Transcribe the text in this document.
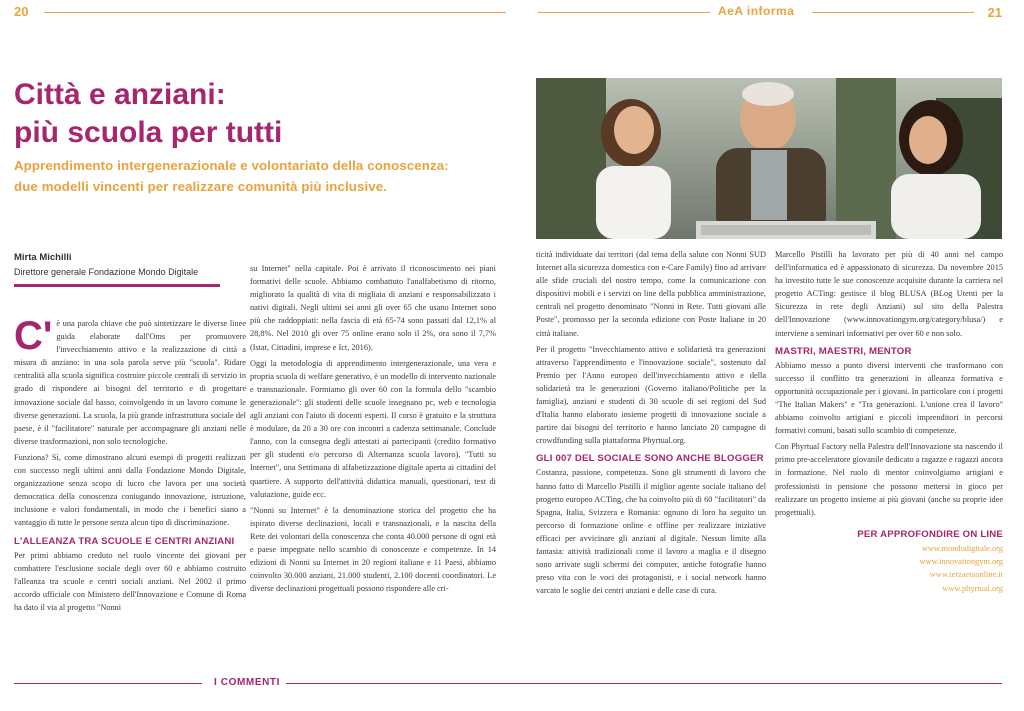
20	AeA informa	21
Città e anziani:
più scuola per tutti
Apprendimento intergenerazionale e volontariato della conoscenza:
due modelli vincenti per realizzare comunità più inclusive.
Mirta Michilli
Direttore generale Fondazione Mondo Digitale

C' è una parola chiave che può sintetizzare le diverse linee guida elaborate dall'Oms per promuovere l'invecchiamento attivo e la realizzazione di città a misura di anziano: in una sola parola serve più "scuola". Ridare centralità alla scuola significa costruire piccole centrali di servizio in grado di rispondere ai bisogni del territorio e di progettare innovazione sociale dal basso, coinvolgendo in un lavoro comune le diverse generazioni. La scuola, la più grande infrastruttura sociale del paese, è il "facilitatore" naturale per accompagnare gli anziani nelle diverse trasformazioni, non solo tecnologiche.

Funziona? Sì, come dimostrano alcuni esempi di progetti realizzati con successo negli ultimi anni dalla Fondazione Mondo Digitale, organizzazione senza scopo di lucro che lavora per una società democratica della conoscenza coniugando innovazione, istruzione, inclusione e valori fondamentali, in modo che i benefici siano a vantaggio di tutte le persone senza alcun tipo di discriminazione.

L'ALLEANZA TRA SCUOLE E CENTRI ANZIANI

Per primi abbiamo creduto nel ruolo vincente dei giovani per combattere l'esclusione sociale degli over 60 e abbiamo costruito l'alleanza tra scuole e centri sociali anziani. Nel 2002 il primo accordo ufficiale con Ministero dell'Innovazione e Comune di Roma ha dato il via al progetto "Nonni

su Internet" nella capitale. Poi è arrivato il riconoscimento nei piani formativi delle scuole. Abbiamo combattuto l'analfabetismo di ritorno, migliorato la qualità di vita di migliaia di anziani e responsabilizzato i nativi digitali. Negli ultimi sei anni gli over 65 che usano Internet sono più che raddoppiati: nella fascia di età 65-74 sono passati dal 12,1% al 28,8%. Nel 2010 gli over 75 online erano solo il 2%, ora sono il 7,7% (Istat, Cittadini, imprese e Ict, 2016).

Oggi la metodologia di apprendimento intergenerazionale, una vera e propria scuola di welfare generativo, è un modello di intervento nazionale e transnazionale. Formiamo gli over 60 con la formula dello "scambio generazionale": gli studenti delle scuole insegnano pc, web e tecnologia agli anziani con l'aiuto di docenti esperti. Il corso è gratuito e la struttura è modulare, da 20 a 30 ore con incontri a cadenza settimanale. Conclude l'anno, con la consegna degli attestati ai partecipanti (credito formativo per gli studenti e/o percorso di Alternanza scuola lavoro), "Tutti su Internet", una Settimana di alfabetizzazione digitale aperta ai cittadini del quartiere. A supporto dell'attività didattica manuali, questionari, test di valutazione, guide ecc.

"Nonni su Internet" è la denominazione storica del progetto che ha ispirato diverse declinazioni, locali e transnazionali, e la nascita della Rete dei volontari della conoscenza che conta 40.000 persone di ogni età e paese impegnate nello scambio di conoscenze e competenze. In 14 edizioni di Nonni su Internet in 20 regioni italiane e 11 Paesi, abbiamo coinvolto 30.000 anziani, 21.000 studenti, 2.100 docenti coordinatori. Le diverse declinazioni progettuali possono rispondere alle cri-

ticità individuate dai territori (dal tema della salute con Nonni SUD Internet alla sicurezza domestica con e-Care Family) fino ad arrivare alle sfide cruciali del nostro tempo, come la comunicazione con dispositivi mobili e i servizi on line della pubblica amministrazione, centrali nel progetto denominato "Nonni in Rete. Tutti giovani alle Poste", promosso per la seconda edizione con Poste Italiane in 20 città italiane.

Per il progetto "Invecchiamento attivo e solidarietà tra generazioni attraverso l'apprendimento e l'innovazione sociale", sostenuto dal Premio per l'Anno europeo dell'invecchiamento attivo e della solidarietà tra le generazioni (Governo italiano/Politiche per la famiglia), anziani e studenti di 30 scuole di sei regioni del Sud d'Italia hanno elaborato insieme progetti di innovazione sociale a partire dai bisogni del territorio e hanno lanciato 20 campagne di crowdfunding sulla piattaforma Phyrtual.org.

GLI 007 DEL SOCIALE SONO ANCHE BLOGGER

Costanza, passione, competenza. Sono gli strumenti di lavoro che hanno fatto di Marcello Pistilli il miglior agente sociale italiano del progetto europeo ACTing, che ha coinvolto più di 60 "facilitatori" da Spagna, Italia, Svizzera e Romania: ognuno di loro ha seguito un percorso di formazione online e offline per realizzare iniziative efficaci per avvicinare gli anziani al digitale. Nessun limite alla fantasia: attività tradizionali come il lavoro a maglia e il disegno sono arrivate sugli schermi dei computer, antiche fotografie hanno preso vita con le voci dei protagonisti, e i social network hanno varcato le soglie dei centri anziani e delle case di cura.

Marcello Pistilli ha lavorato per più di 40 anni nel campo dell'informatica ed è appassionato di sicurezza. Da novembre 2015 ha investito tutte le sue conoscenze acquisite durante la carriera nel progetto ACTing: gestisce il blog BLUSA (BLog Utenti per la Sicurezza in rete degli Anziani) sul sito della Palestra dell'Innovazione (www.innovationgym.org/category/blusa/) e interviene a seminari informativi per over 60 e non solo.

MASTRI, MAESTRI, MENTOR

Abbiamo messo a punto diversi interventi che trasformano con successo il conflitto tra generazioni in alleanza formativa e opportunità occupazionale per i giovani. In particolare con i progetti "The Italian Makers" e "Tra generazioni. L'unione crea il lavoro" abbiamo coinvolto artigiani e piccoli imprenditori in percorsi formativi comuni, basati sullo scambio di competenze.

Con Phyrtual Factory nella Palestra dell'Innovazione sta nascendo il primo pre-acceleratore giovanile dedicato a ragazze e ragazzi ancora in formazione. Nel ruolo di mentor coinvolgiamo artigiani e professionisti in pensione che possono mettersi in gioco per realizzare un progetto insieme ai più giovani (anche su proprie idee progettuali).

PER APPROFONDIRE ON LINE
www.mondodigitale.org
www.innovationgym.org
www.terzaetaonline.it
www.phyrtual.org
I COMMENTI
